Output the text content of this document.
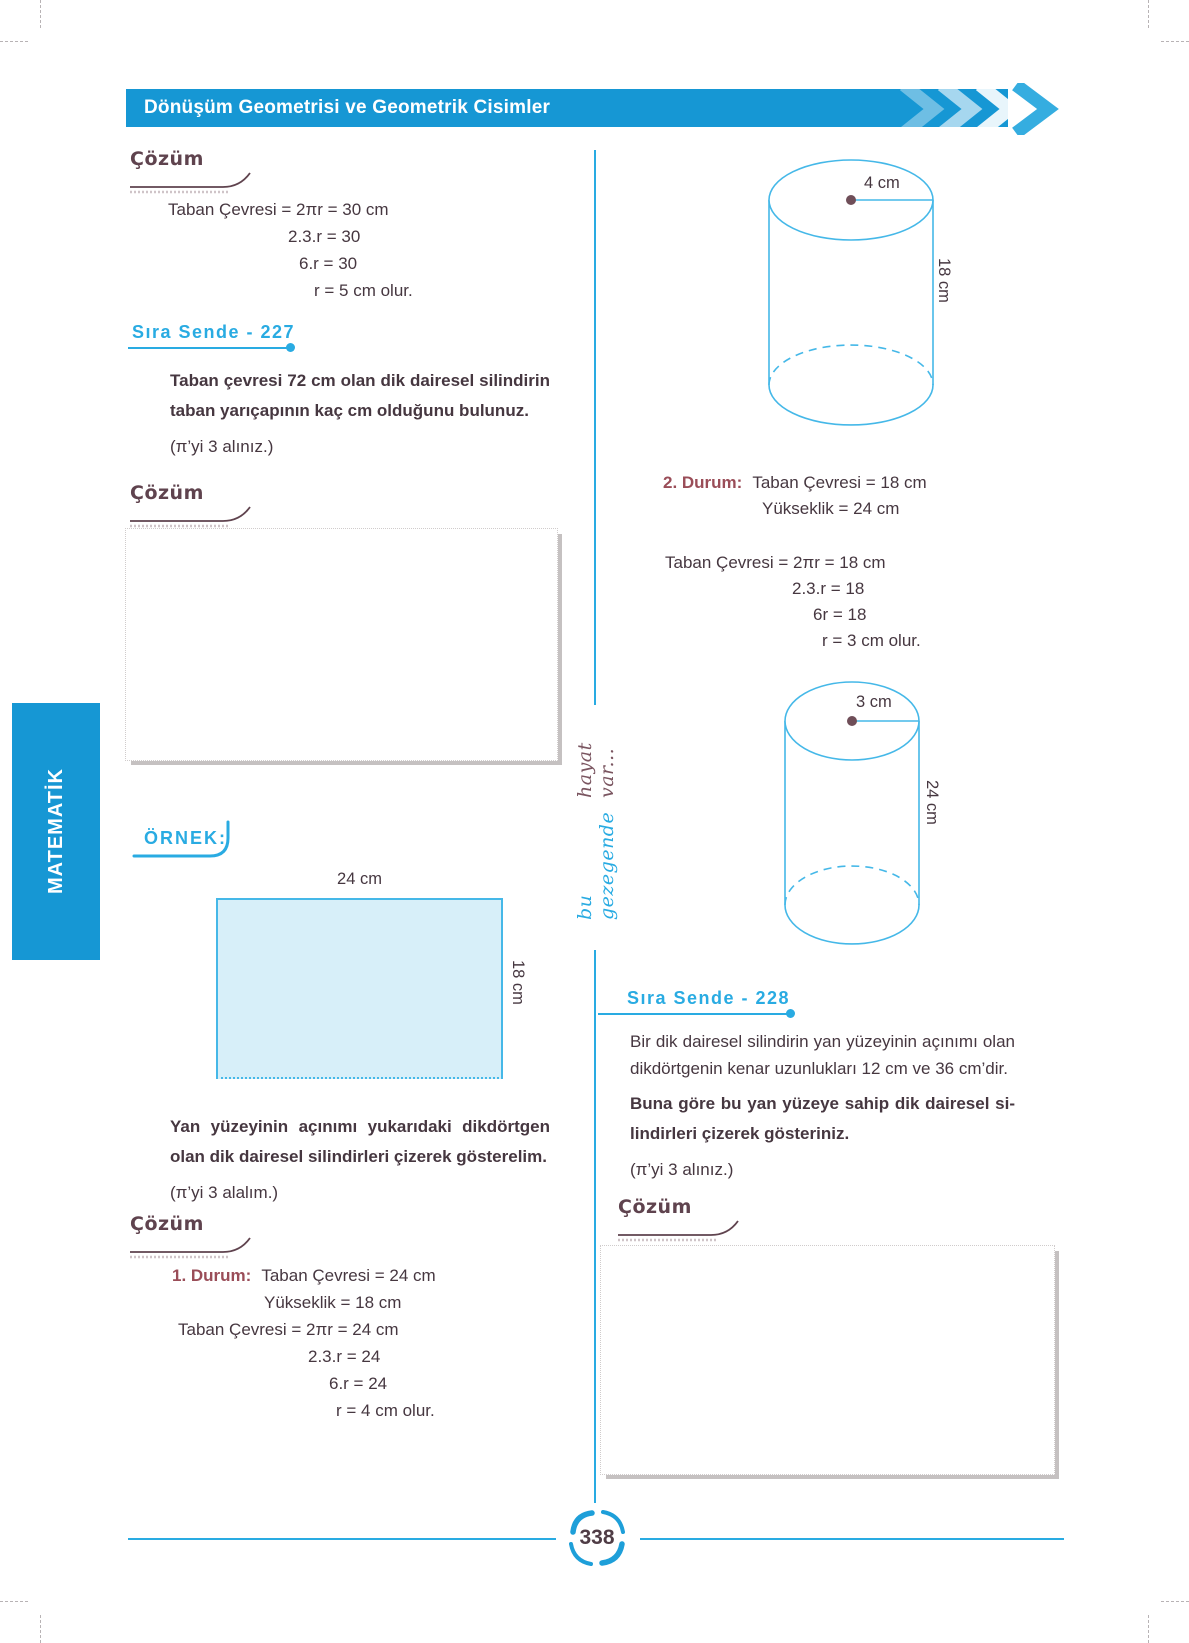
Dönüşüm Geometrisi ve Geometrik Cisimler
MATEMATİK
bu gezegende
hayat var...
Çözüm
Taban Çevresi = 2πr = 30 cm
2.3.r = 30
6.r = 30
r = 5 cm olur.
Sıra Sende - 227
Taban çevresi 72 cm olan dik dairesel silindirin
taban yarıçapının kaç cm olduğunu bulunuz.
(π’yi 3 alınız.)
Çözüm
ÖRNEK:
24 cm
18 cm
Yan yüzeyinin açınımı yukarıdaki dikdörtgen
olan dik dairesel silindirleri çizerek gösterelim.
(π’yi 3 alalım.)
Çözüm
1. Durum: Taban Çevresi = 24 cm
Yükseklik = 18 cm
Taban Çevresi = 2πr = 24 cm
2.3.r = 24
6.r = 24
r = 4 cm olur.
4 cm
18 cm
2. Durum: Taban Çevresi = 18 cm
Yükseklik = 24 cm
Taban Çevresi = 2πr = 18 cm
2.3.r = 18
6r = 18
r = 3 cm olur.
3 cm
24 cm
Sıra Sende - 228
Bir dik dairesel silindirin yan yüzeyinin açınımı olan
dikdörtgenin kenar uzunlukları 12 cm ve 36 cm’dir.
Buna göre bu yan yüzeye sahip dik dairesel si-
lindirleri çizerek gösteriniz.
(π’yi 3 alınız.)
Çözüm
338
